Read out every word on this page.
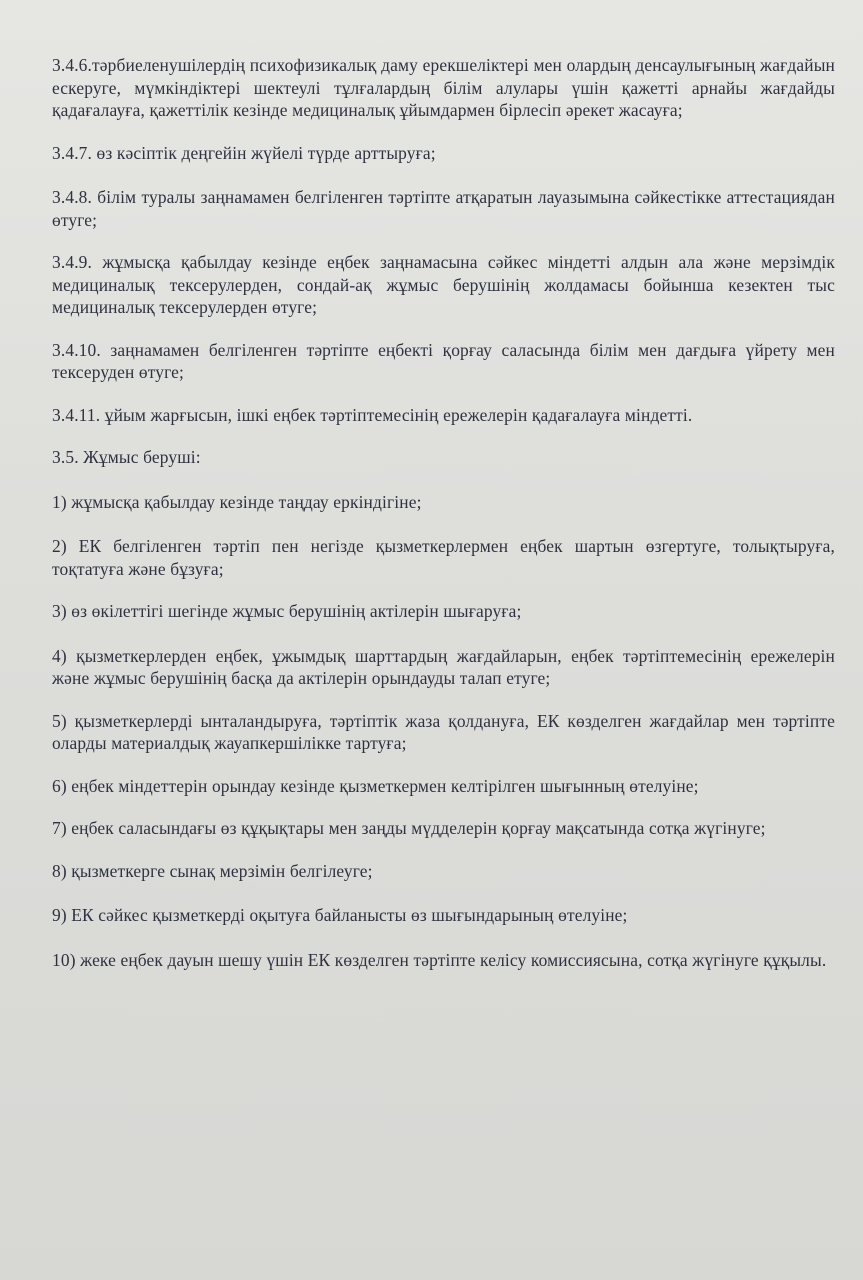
3.4.6.тәрбиеленушілердің психофизикалық даму ерекшеліктері мен олардың денсаулығының жағдайын ескеруге, мүмкіндіктері шектеулі тұлғалардың білім алулары үшін қажетті арнайы жағдайды қадағалауға, қажеттілік кезінде медициналық ұйымдармен бірлесіп әрекет жасауға;

3.4.7. өз кәсіптік деңгейін жүйелі түрде арттыруға;

3.4.8. білім туралы заңнамамен белгіленген тәртіпте атқаратын лауазымына сәйкестікке аттестациядан өтуге;

3.4.9. жұмысқа қабылдау кезінде еңбек заңнамасына сәйкес міндетті алдын ала және мерзімдік медициналық тексерулерден, сондай-ақ жұмыс берушінің жолдамасы бойынша кезектен тыс медициналық тексерулерден өтуге;

3.4.10. заңнамамен белгіленген тәртіпте еңбекті қорғау саласында білім мен дағдыға үйрету мен тексеруден өтуге;

3.4.11. ұйым жарғысын, ішкі еңбек тәртіптемесінің ережелерін қадағалауға міндетті.

3.5. Жұмыс беруші:

1) жұмысқа қабылдау кезінде таңдау еркіндігіне;

2) ЕК белгіленген тәртіп пен негізде қызметкерлермен еңбек шартын өзгертуге, толықтыруға, тоқтатуға және бұзуға;

3) өз өкілеттігі шегінде жұмыс берушінің актілерін шығаруға;

4) қызметкерлерден еңбек, ұжымдық шарттардың жағдайларын, еңбек тәртіптемесінің ережелерін және жұмыс берушінің басқа да актілерін орындауды талап етуге;

5) қызметкерлерді ынталандыруға, тәртіптік жаза қолдануға, ЕК көзделген жағдайлар мен тәртіпте оларды материалдық жауапкершілікке тартуға;

6) еңбек міндеттерін орындау кезінде қызметкермен келтірілген шығынның өтелуіне;

7) еңбек саласындағы өз құқықтары мен заңды мүдделерін қорғау мақсатында сотқа жүгінуге;

8) қызметкерге сынақ мерзімін белгілеуге;

9) ЕК сәйкес қызметкерді оқытуға байланысты өз шығындарының өтелуіне;

10) жеке еңбек дауын шешу үшін ЕК көзделген тәртіпте келісу комиссиясына, сотқа жүгінуге құқылы.
